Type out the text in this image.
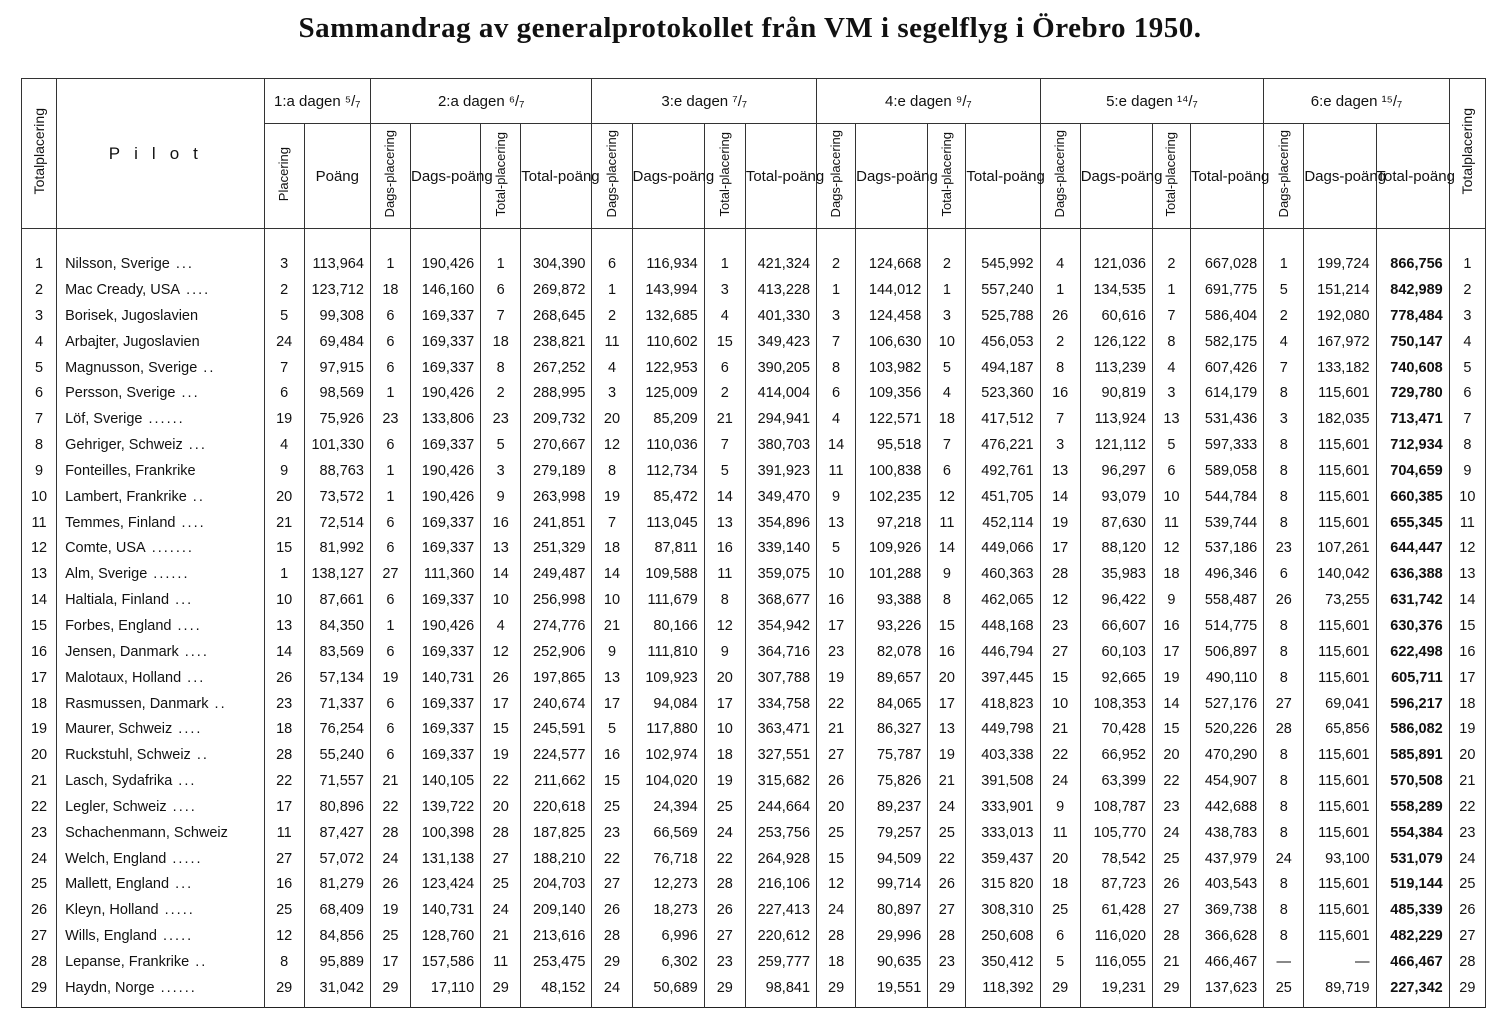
Sammandrag av generalprotokollet från VM i segelflyg i Örebro 1950.
Totalplacering	Pilot	1:a dagen ⁵/₇		2:a dagen ⁶/₇				3:e dagen ⁷/₇				4:e dagen ⁹/₇				5:e dagen ¹⁴/₇				6:e dagen ¹⁵/₇			Totalplacering
		Placering	Poäng	Dags-placering	Dags-poäng	Total-placering	Total-poäng	Dags-placering	Dags-poäng	Total-placering	Total-poäng	Dags-placering	Dags-poäng	Total-placering	Total-poäng	Dags-placering	Dags-poäng	Total-placering	Total-poäng	Dags-placering	Dags-poäng	Total-poäng	
1	Nilsson, Sverige ...	3	113,964	1	190,426	1	304,390	6	116,934	1	421,324	2	124,668	2	545,992	4	121,036	2	667,028	1	199,724	866,756	1
2	Mac Cready, USA ....	2	123,712	18	146,160	6	269,872	1	143,994	3	413,228	1	144,012	1	557,240	1	134,535	1	691,775	5	151,214	842,989	2
3	Borisek, Jugoslavien	5	99,308	6	169,337	7	268,645	2	132,685	4	401,330	3	124,458	3	525,788	26	60,616	7	586,404	2	192,080	778,484	3
4	Arbajter, Jugoslavien	24	69,484	6	169,337	18	238,821	11	110,602	15	349,423	7	106,630	10	456,053	2	126,122	8	582,175	4	167,972	750,147	4
5	Magnusson, Sverige ..	7	97,915	6	169,337	8	267,252	4	122,953	6	390,205	8	103,982	5	494,187	8	113,239	4	607,426	7	133,182	740,608	5
6	Persson, Sverige ...	6	98,569	1	190,426	2	288,995	3	125,009	2	414,004	6	109,356	4	523,360	16	90,819	3	614,179	8	115,601	729,780	6
7	Löf, Sverige ......	19	75,926	23	133,806	23	209,732	20	85,209	21	294,941	4	122,571	18	417,512	7	113,924	13	531,436	3	182,035	713,471	7
8	Gehriger, Schweiz ...	4	101,330	6	169,337	5	270,667	12	110,036	7	380,703	14	95,518	7	476,221	3	121,112	5	597,333	8	115,601	712,934	8
9	Fonteilles, Frankrike	9	88,763	1	190,426	3	279,189	8	112,734	5	391,923	11	100,838	6	492,761	13	96,297	6	589,058	8	115,601	704,659	9
10	Lambert, Frankrike ..	20	73,572	1	190,426	9	263,998	19	85,472	14	349,470	9	102,235	12	451,705	14	93,079	10	544,784	8	115,601	660,385	10
11	Temmes, Finland ....	21	72,514	6	169,337	16	241,851	7	113,045	13	354,896	13	97,218	11	452,114	19	87,630	11	539,744	8	115,601	655,345	11
12	Comte, USA .......	15	81,992	6	169,337	13	251,329	18	87,811	16	339,140	5	109,926	14	449,066	17	88,120	12	537,186	23	107,261	644,447	12
13	Alm, Sverige ......	1	138,127	27	111,360	14	249,487	14	109,588	11	359,075	10	101,288	9	460,363	28	35,983	18	496,346	6	140,042	636,388	13
14	Haltiala, Finland ...	10	87,661	6	169,337	10	256,998	10	111,679	8	368,677	16	93,388	8	462,065	12	96,422	9	558,487	26	73,255	631,742	14
15	Forbes, England ....	13	84,350	1	190,426	4	274,776	21	80,166	12	354,942	17	93,226	15	448,168	23	66,607	16	514,775	8	115,601	630,376	15
16	Jensen, Danmark ....	14	83,569	6	169,337	12	252,906	9	111,810	9	364,716	23	82,078	16	446,794	27	60,103	17	506,897	8	115,601	622,498	16
17	Malotaux, Holland ...	26	57,134	19	140,731	26	197,865	13	109,923	20	307,788	19	89,657	20	397,445	15	92,665	19	490,110	8	115,601	605,711	17
18	Rasmussen, Danmark ..	23	71,337	6	169,337	17	240,674	17	94,084	17	334,758	22	84,065	17	418,823	10	108,353	14	527,176	27	69,041	596,217	18
19	Maurer, Schweiz ....	18	76,254	6	169,337	15	245,591	5	117,880	10	363,471	21	86,327	13	449,798	21	70,428	15	520,226	28	65,856	586,082	19
20	Ruckstuhl, Schweiz ..	28	55,240	6	169,337	19	224,577	16	102,974	18	327,551	27	75,787	19	403,338	22	66,952	20	470,290	8	115,601	585,891	20
21	Lasch, Sydafrika ...	22	71,557	21	140,105	22	211,662	15	104,020	19	315,682	26	75,826	21	391,508	24	63,399	22	454,907	8	115,601	570,508	21
22	Legler, Schweiz ....	17	80,896	22	139,722	20	220,618	25	24,394	25	244,664	20	89,237	24	333,901	9	108,787	23	442,688	8	115,601	558,289	22
23	Schachenmann, Schweiz	11	87,427	28	100,398	28	187,825	23	66,569	24	253,756	25	79,257	25	333,013	11	105,770	24	438,783	8	115,601	554,384	23
24	Welch, England .....	27	57,072	24	131,138	27	188,210	22	76,718	22	264,928	15	94,509	22	359,437	20	78,542	25	437,979	24	93,100	531,079	24
25	Mallett, England ...	16	81,279	26	123,424	25	204,703	27	12,273	28	216,106	12	99,714	26	315 820	18	87,723	26	403,543	8	115,601	519,144	25
26	Kleyn, Holland .....	25	68,409	19	140,731	24	209,140	26	18,273	26	227,413	24	80,897	27	308,310	25	61,428	27	369,738	8	115,601	485,339	26
27	Wills, England .....	12	84,856	25	128,760	21	213,616	28	6,996	27	220,612	28	29,996	28	250,608	6	116,020	28	366,628	8	115,601	482,229	27
28	Lepanse, Frankrike ..	8	95,889	17	157,586	11	253,475	29	6,302	23	259,777	18	90,635	23	350,412	5	116,055	21	466,467	—	—	466,467	28
29	Haydn, Norge ......	29	31,042	29	17,110	29	48,152	24	50,689	29	98,841	29	19,551	29	118,392	29	19,231	29	137,623	25	89,719	227,342	29
